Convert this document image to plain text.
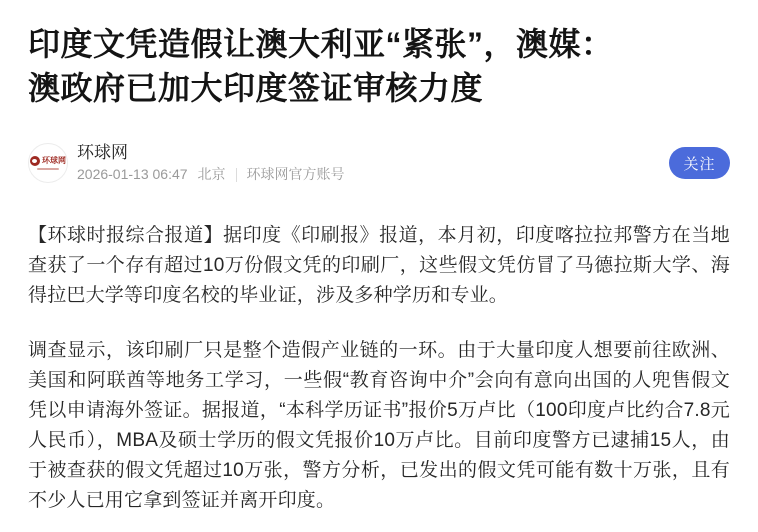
印度文凭造假让澳大利亚“紧张”，澳媒：
澳政府已加大印度签证审核力度
环球网 环球网
2026-01-13 06:47 北京 环球网官方账号
关注

【环球时报综合报道】据印度《印刷报》报道，本月初，印度喀拉拉邦警方在当地查获了一个存有超过10万份假文凭的印刷厂，这些假文凭仿冒了马德拉斯大学、海得拉巴大学等印度名校的毕业证，涉及多种学历和专业。

调查显示，该印刷厂只是整个造假产业链的一环。由于大量印度人想要前往欧洲、美国和阿联酋等地务工学习，一些假“教育咨询中介”会向有意向出国的人兜售假文凭以申请海外签证。据报道，“本科学历证书”报价5万卢比（100印度卢比约合7.8元人民币），MBA及硕士学历的假文凭报价10万卢比。目前印度警方已逮捕15人，由于被查获的假文凭超过10万张，警方分析，已发出的假文凭可能有数十万张，且有不少人已用它拿到签证并离开印度。
